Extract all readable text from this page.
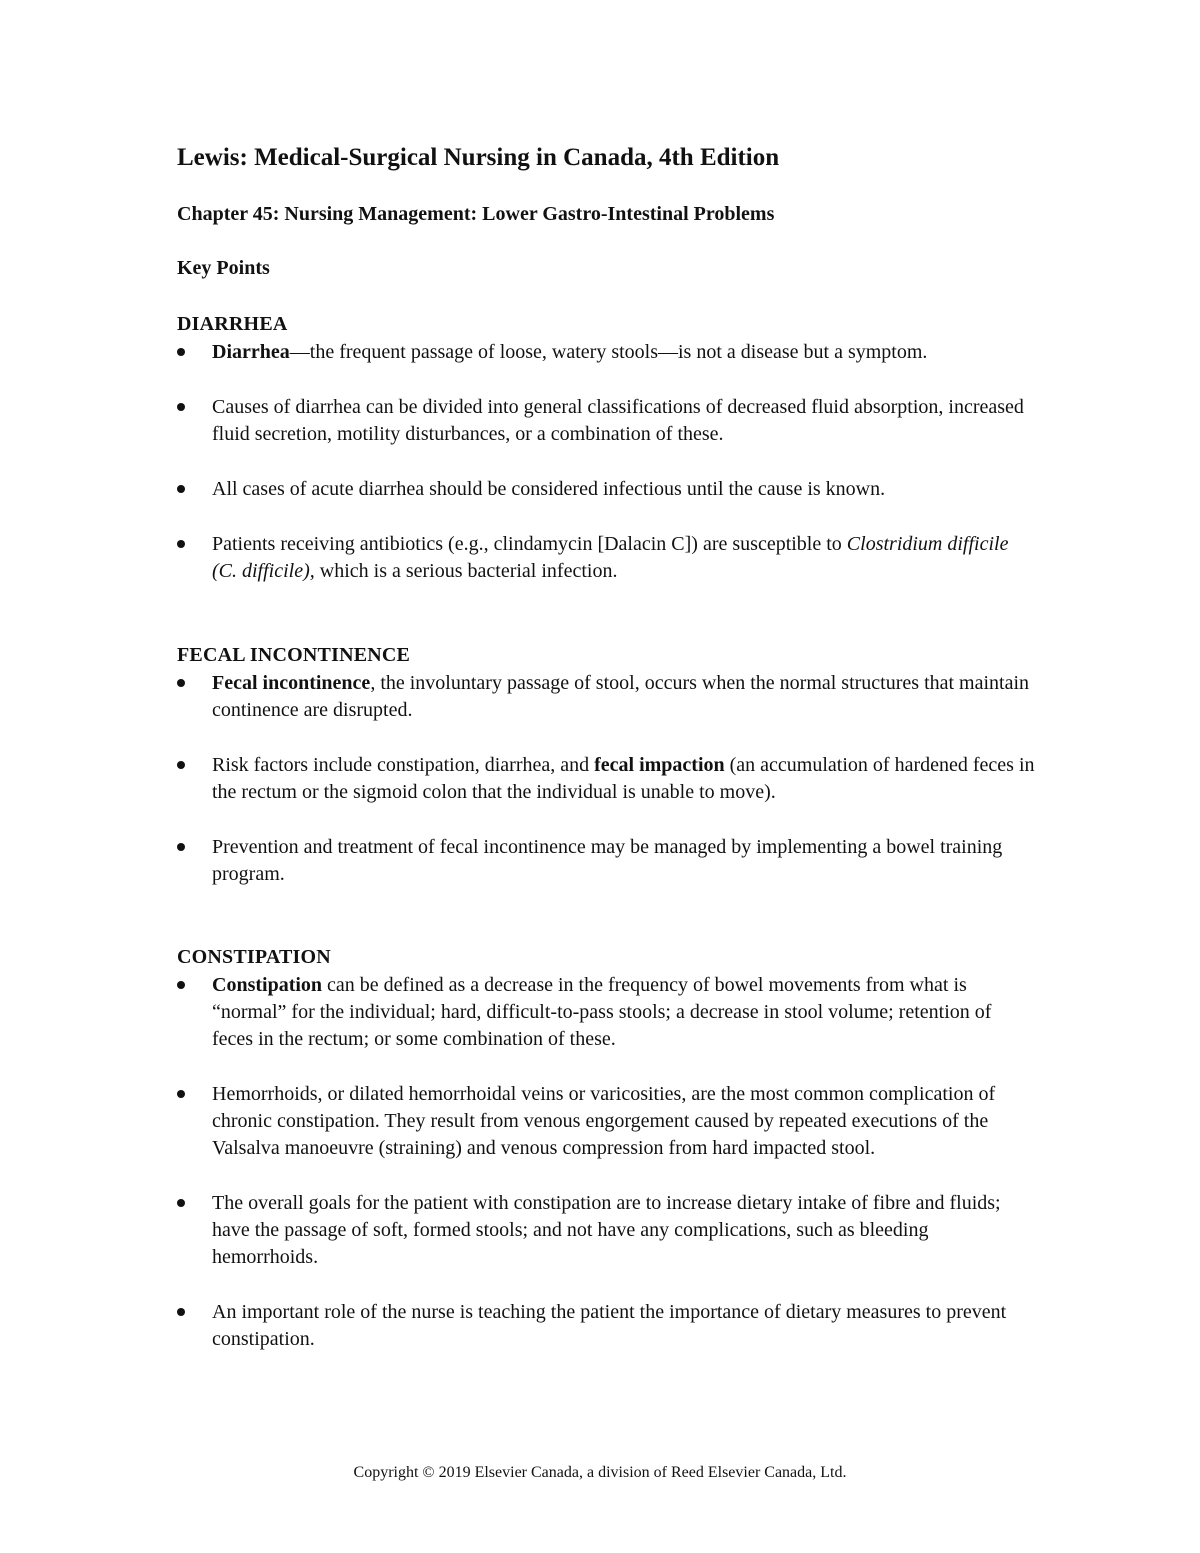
Lewis: Medical-Surgical Nursing in Canada, 4th Edition
Chapter 45: Nursing Management: Lower Gastro-Intestinal Problems
Key Points
DIARRHEA
Diarrhea—the frequent passage of loose, watery stools—is not a disease but a symptom.
Causes of diarrhea can be divided into general classifications of decreased fluid absorption, increased fluid secretion, motility disturbances, or a combination of these.
All cases of acute diarrhea should be considered infectious until the cause is known.
Patients receiving antibiotics (e.g., clindamycin [Dalacin C]) are susceptible to Clostridium difficile (C. difficile), which is a serious bacterial infection.
FECAL INCONTINENCE
Fecal incontinence, the involuntary passage of stool, occurs when the normal structures that maintain continence are disrupted.
Risk factors include constipation, diarrhea, and fecal impaction (an accumulation of hardened feces in the rectum or the sigmoid colon that the individual is unable to move).
Prevention and treatment of fecal incontinence may be managed by implementing a bowel training program.
CONSTIPATION
Constipation can be defined as a decrease in the frequency of bowel movements from what is “normal” for the individual; hard, difficult-to-pass stools; a decrease in stool volume; retention of feces in the rectum; or some combination of these.
Hemorrhoids, or dilated hemorrhoidal veins or varicosities, are the most common complication of chronic constipation. They result from venous engorgement caused by repeated executions of the Valsalva manoeuvre (straining) and venous compression from hard impacted stool.
The overall goals for the patient with constipation are to increase dietary intake of fibre and fluids; have the passage of soft, formed stools; and not have any complications, such as bleeding hemorrhoids.
An important role of the nurse is teaching the patient the importance of dietary measures to prevent constipation.

Copyright © 2019 Elsevier Canada, a division of Reed Elsevier Canada, Ltd.
